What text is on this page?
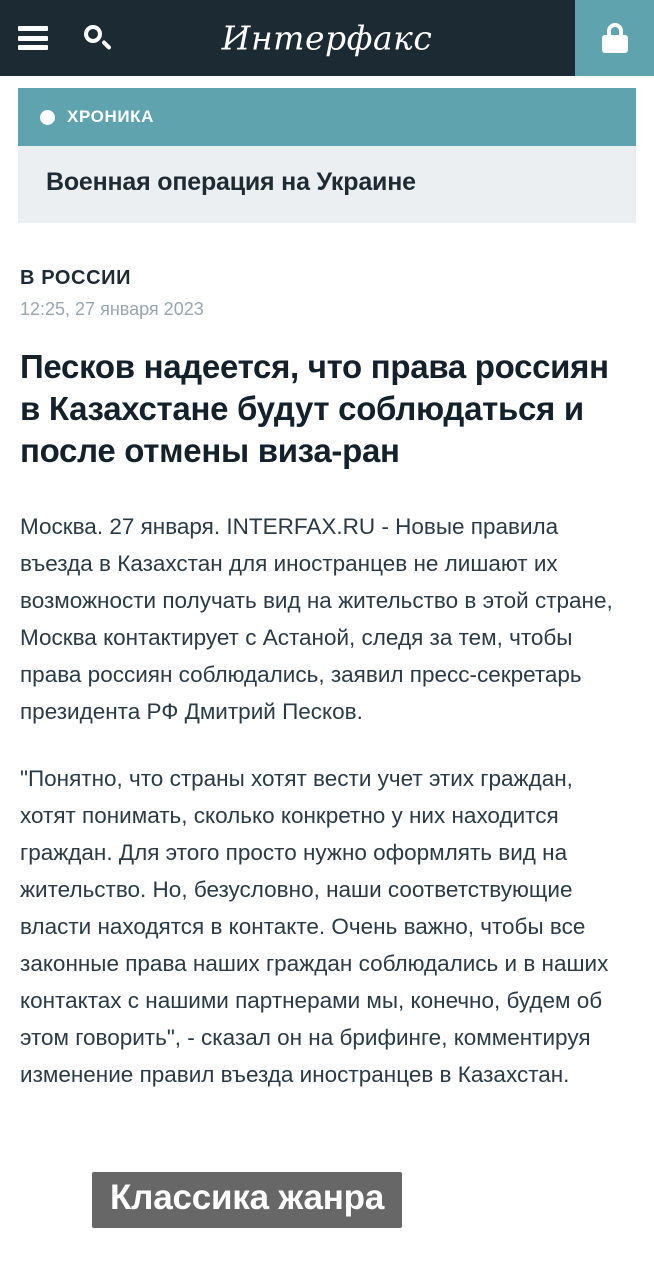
Интерфакс
ХРОНИКА
Военная операция на Украине
В РОССИИ
12:25, 27 января 2023
Песков надеется, что права россиян в Казахстане будут соблюдаться и после отмены виза-ран

Москва. 27 января. INTERFAX.RU - Новые правила въезда в Казахстан для иностранцев не лишают их возможности получать вид на жительство в этой стране, Москва контактирует с Астаной, следя за тем, чтобы права россиян соблюдались, заявил пресс-секретарь президента РФ Дмитрий Песков.

"Понятно, что страны хотят вести учет этих граждан, хотят понимать, сколько конкретно у них находится граждан. Для этого просто нужно оформлять вид на жительство. Но, безусловно, наши соответствующие власти находятся в контакте. Очень важно, чтобы все законные права наших граждан соблюдались и в наших контактах с нашими партнерами мы, конечно, будем об этом говорить", - сказал он на брифинге, комментируя изменение правил въезда иностранцев в Казахстан.

Классика жанра
